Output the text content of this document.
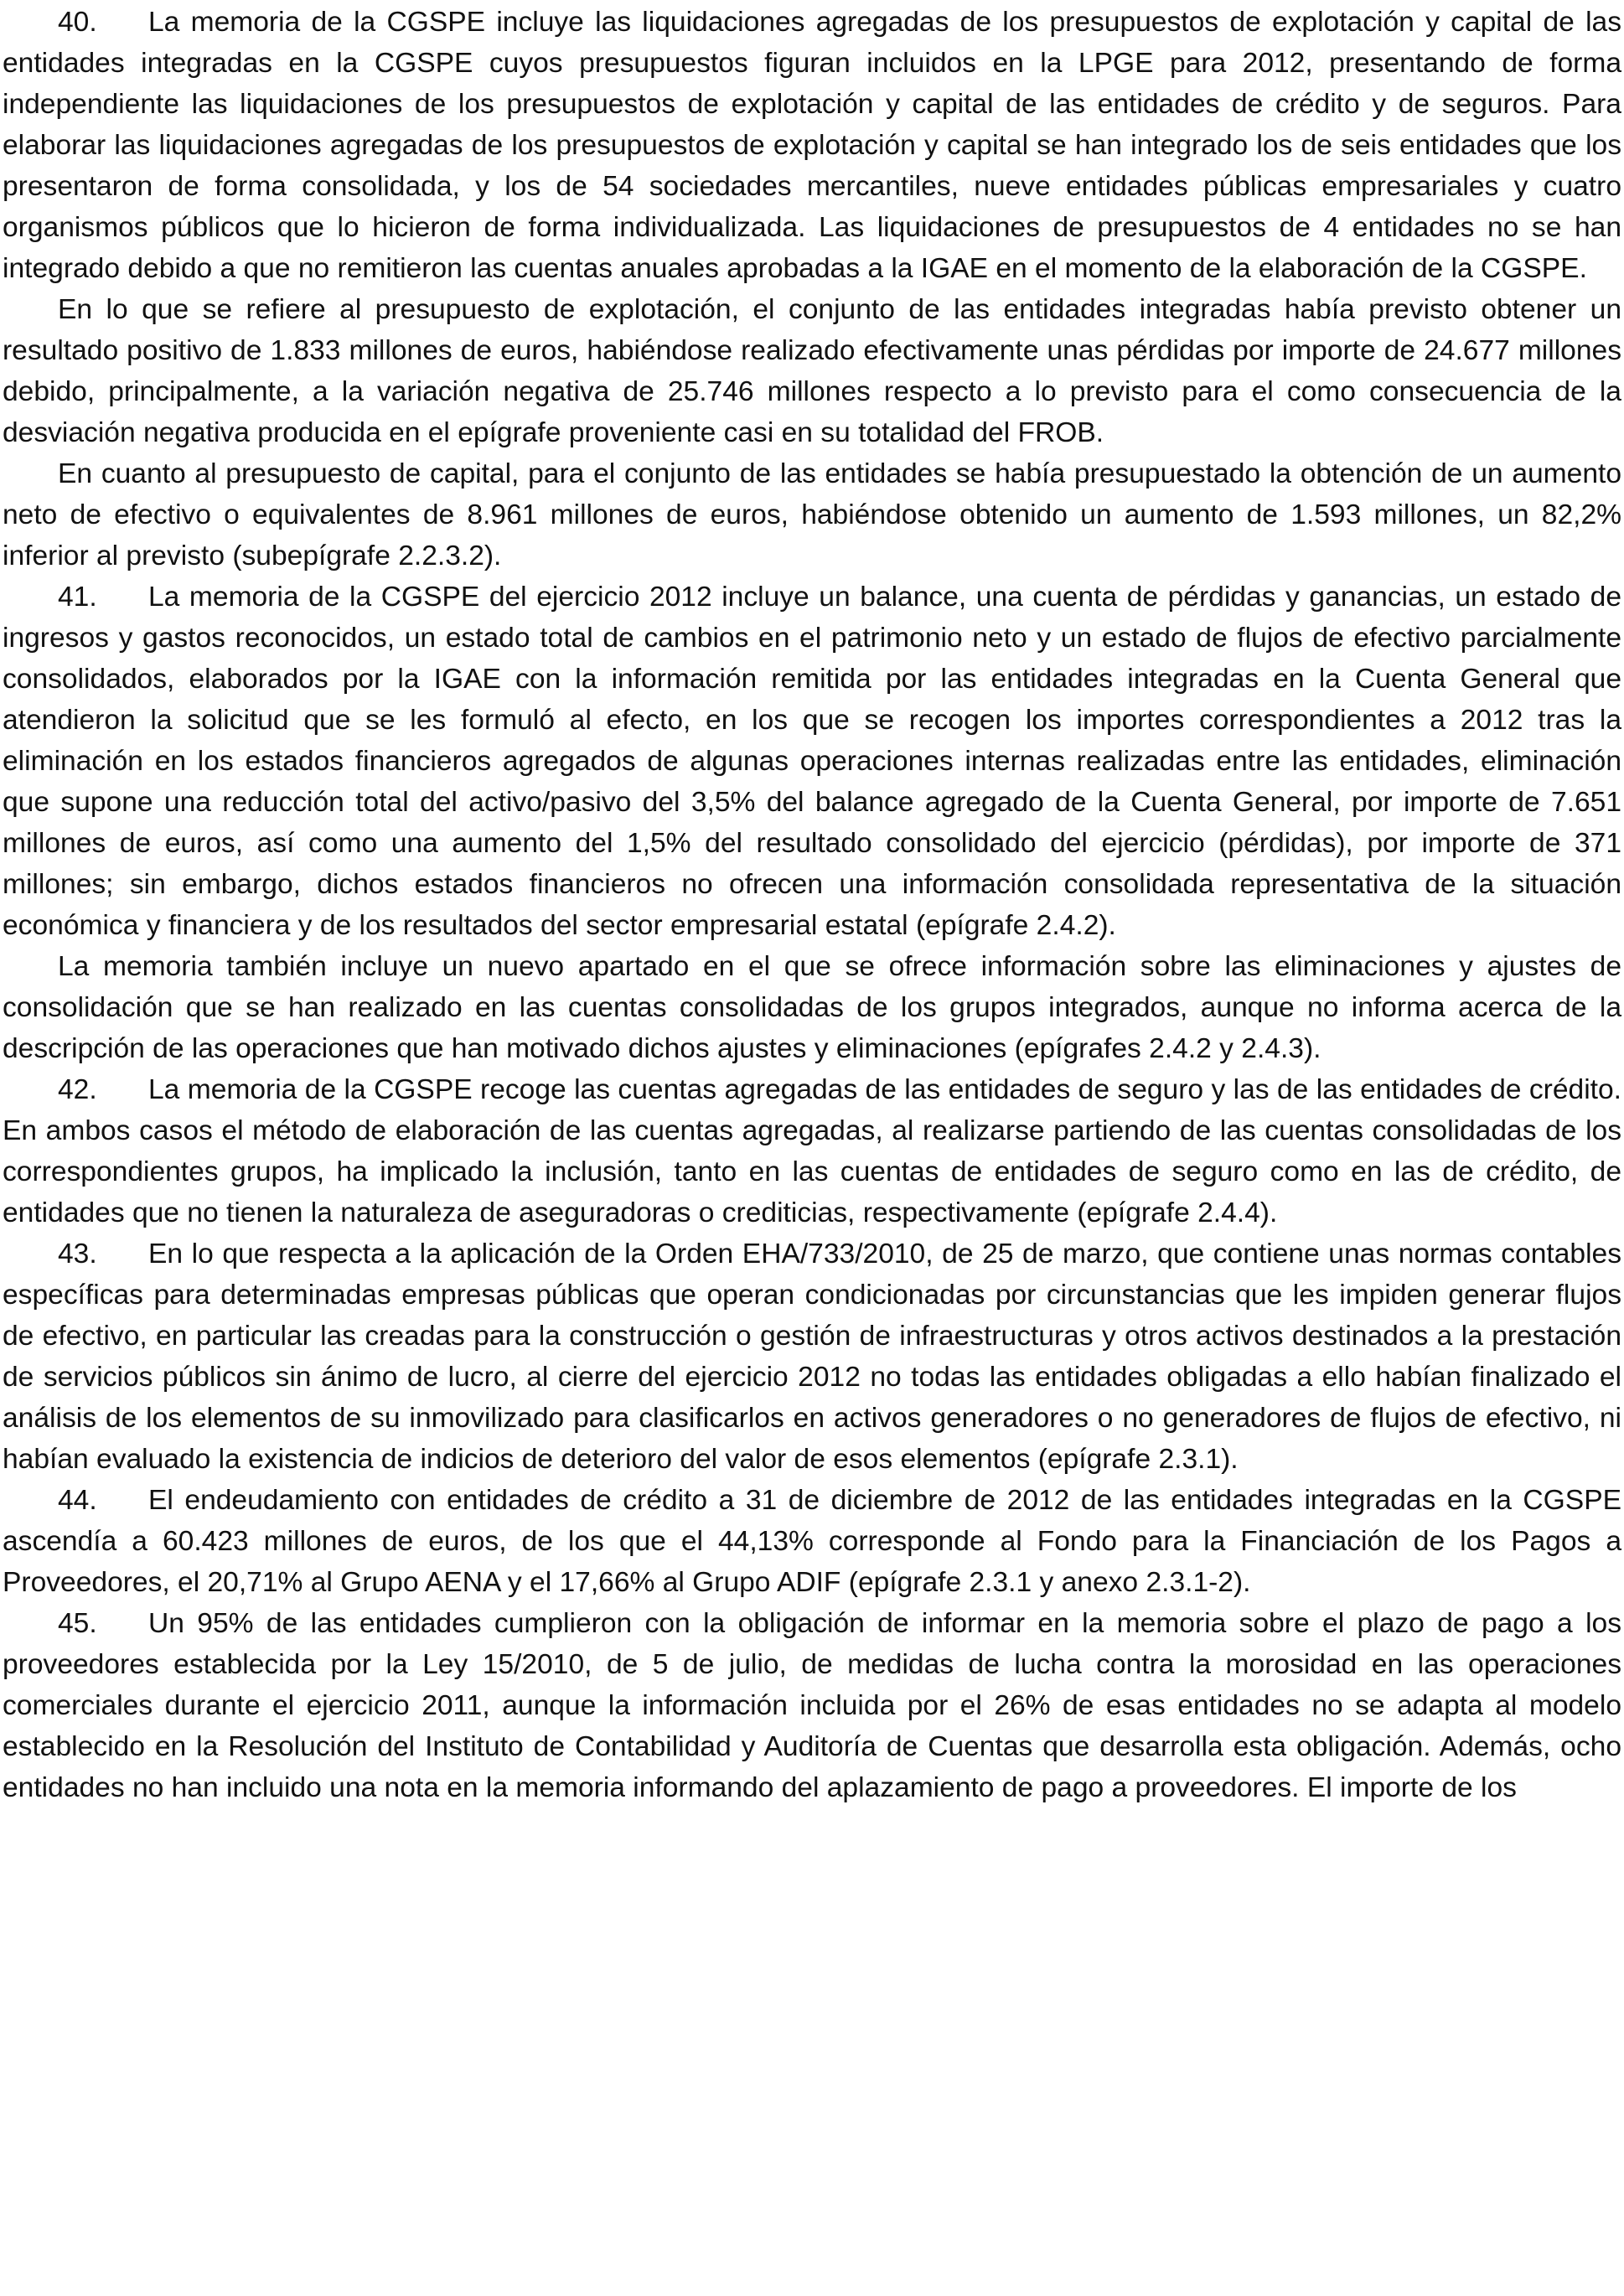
40. La memoria de la CGSPE incluye las liquidaciones agregadas de los presupuestos de explotación y capital de las entidades integradas en la CGSPE cuyos presupuestos figuran incluidos en la LPGE para 2012, presentando de forma independiente las liquidaciones de los presupuestos de explotación y capital de las entidades de crédito y de seguros. Para elaborar las liquidaciones agregadas de los presupuestos de explotación y capital se han integrado los de seis entidades que los presentaron de forma consolidada, y los de 54 sociedades mercantiles, nueve entidades públicas empresariales y cuatro organismos públicos que lo hicieron de forma individualizada. Las liquidaciones de presupuestos de 4 entidades no se han integrado debido a que no remitieron las cuentas anuales aprobadas a la IGAE en el momento de la elaboración de la CGSPE.

En lo que se refiere al presupuesto de explotación, el conjunto de las entidades integradas había previsto obtener un resultado positivo de 1.833 millones de euros, habiéndose realizado efectivamente unas pérdidas por importe de 24.677 millones debido, principalmente, a la variación negativa de 25.746 millones respecto a lo previsto para el como consecuencia de la desviación negativa producida en el epígrafe proveniente casi en su totalidad del FROB.

En cuanto al presupuesto de capital, para el conjunto de las entidades se había presupuestado la obtención de un aumento neto de efectivo o equivalentes de 8.961 millones de euros, habiéndose obtenido un aumento de 1.593 millones, un 82,2% inferior al previsto (subepígrafe 2.2.3.2).

41. La memoria de la CGSPE del ejercicio 2012 incluye un balance, una cuenta de pérdidas y ganancias, un estado de ingresos y gastos reconocidos, un estado total de cambios en el patrimonio neto y un estado de flujos de efectivo parcialmente consolidados, elaborados por la IGAE con la información remitida por las entidades integradas en la Cuenta General que atendieron la solicitud que se les formuló al efecto, en los que se recogen los importes correspondientes a 2012 tras la eliminación en los estados financieros agregados de algunas operaciones internas realizadas entre las entidades, eliminación que supone una reducción total del activo/pasivo del 3,5% del balance agregado de la Cuenta General, por importe de 7.651 millones de euros, así como una aumento del 1,5% del resultado consolidado del ejercicio (pérdidas), por importe de 371 millones; sin embargo, dichos estados financieros no ofrecen una información consolidada representativa de la situación económica y financiera y de los resultados del sector empresarial estatal (epígrafe 2.4.2).

La memoria también incluye un nuevo apartado en el que se ofrece información sobre las eliminaciones y ajustes de consolidación que se han realizado en las cuentas consolidadas de los grupos integrados, aunque no informa acerca de la descripción de las operaciones que han motivado dichos ajustes y eliminaciones (epígrafes 2.4.2 y 2.4.3).

42. La memoria de la CGSPE recoge las cuentas agregadas de las entidades de seguro y las de las entidades de crédito. En ambos casos el método de elaboración de las cuentas agregadas, al realizarse partiendo de las cuentas consolidadas de los correspondientes grupos, ha implicado la inclusión, tanto en las cuentas de entidades de seguro como en las de crédito, de entidades que no tienen la naturaleza de aseguradoras o crediticias, respectivamente (epígrafe 2.4.4).

43. En lo que respecta a la aplicación de la Orden EHA/733/2010, de 25 de marzo, que contiene unas normas contables específicas para determinadas empresas públicas que operan condicionadas por circunstancias que les impiden generar flujos de efectivo, en particular las creadas para la construcción o gestión de infraestructuras y otros activos destinados a la prestación de servicios públicos sin ánimo de lucro, al cierre del ejercicio 2012 no todas las entidades obligadas a ello habían finalizado el análisis de los elementos de su inmovilizado para clasificarlos en activos generadores o no generadores de flujos de efectivo, ni habían evaluado la existencia de indicios de deterioro del valor de esos elementos (epígrafe 2.3.1).

44. El endeudamiento con entidades de crédito a 31 de diciembre de 2012 de las entidades integradas en la CGSPE ascendía a 60.423 millones de euros, de los que el 44,13% corresponde al Fondo para la Financiación de los Pagos a Proveedores, el 20,71% al Grupo AENA y el 17,66% al Grupo ADIF (epígrafe 2.3.1 y anexo 2.3.1-2).

45. Un 95% de las entidades cumplieron con la obligación de informar en la memoria sobre el plazo de pago a los proveedores establecida por la Ley 15/2010, de 5 de julio, de medidas de lucha contra la morosidad en las operaciones comerciales durante el ejercicio 2011, aunque la información incluida por el 26% de esas entidades no se adapta al modelo establecido en la Resolución del Instituto de Contabilidad y Auditoría de Cuentas que desarrolla esta obligación. Además, ocho entidades no han incluido una nota en la memoria informando del aplazamiento de pago a proveedores. El importe de los
